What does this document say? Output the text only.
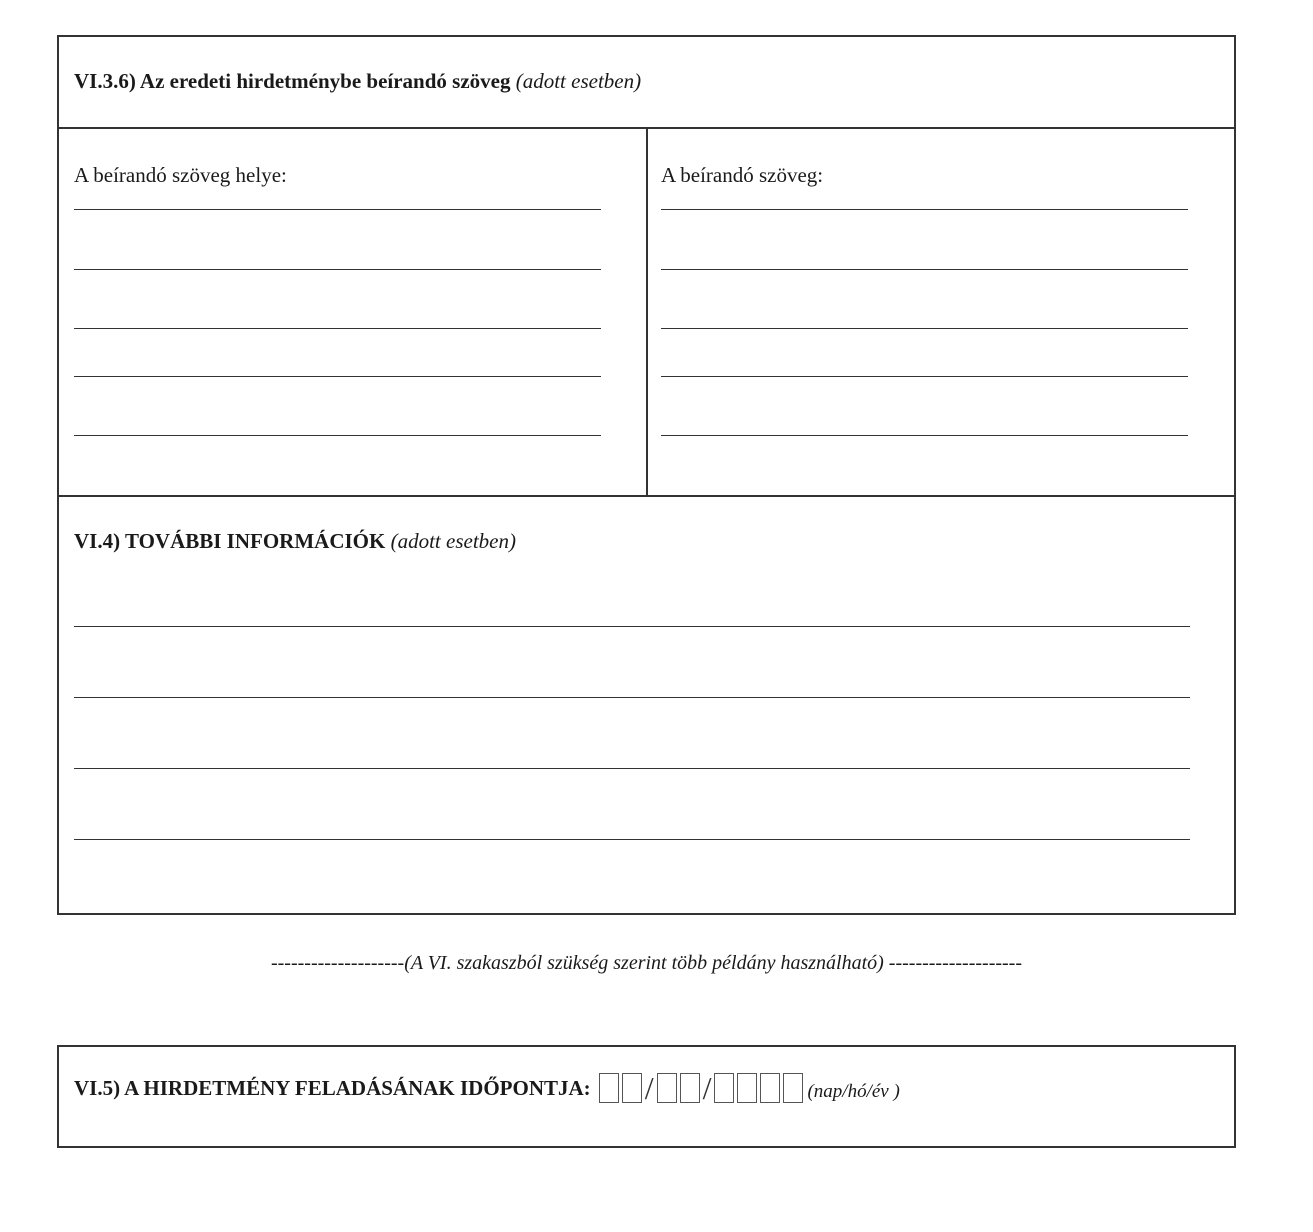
VI.3.6) Az eredeti hirdetménybe beírandó szöveg (adott esetben)
A beírandó szöveg helye:	A beírandó szöveg:
VI.4) TOVÁBBI INFORMÁCIÓK (adott esetben)
--------------------(A VI. szakaszból szükség szerint több példány használható) --------------------
VI.5) A HIRDETMÉNY FELADÁSÁNAK IDŐPONTJA: / /	(nap/hó/év )
